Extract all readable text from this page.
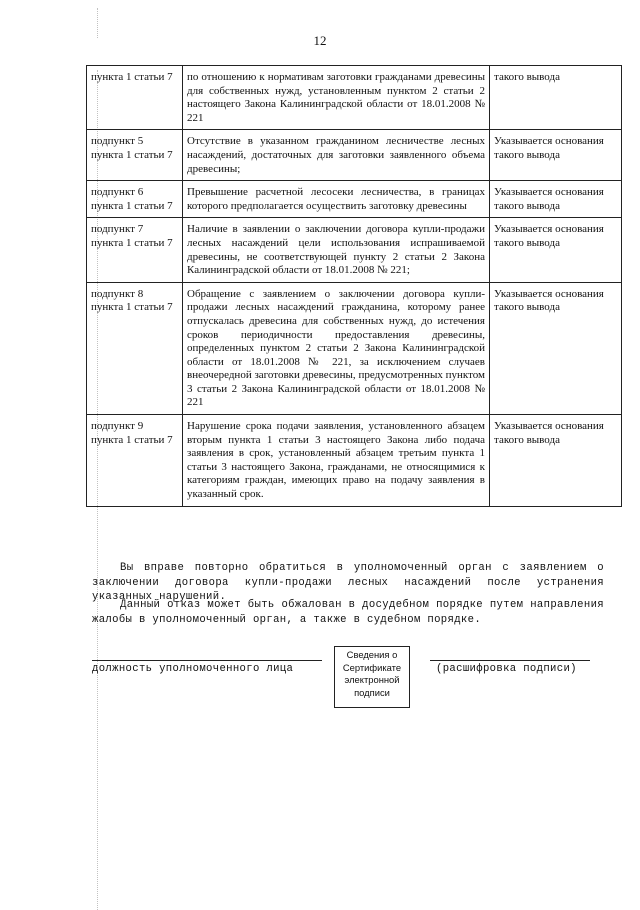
12
пункта 1 статьи 7	по отношению к нормативам заготовки гражданами древесины для собственных нужд, установленным пунктом 2 статьи 2 настоящего Закона Калининградской области от 18.01.2008 № 221	такого вывода
подпункт 5 пункта 1 статьи 7	Отсутствие в указанном гражданином лесничестве лесных насаждений, достаточных для заготовки заявленного объема древесины;	Указывается основания такого вывода
подпункт 6 пункта 1 статьи 7	Превышение расчетной лесосеки лесничества, в границах которого предполагается осуществить заготовку древесины	Указывается основания такого вывода
подпункт 7 пункта 1 статьи 7	Наличие в заявлении о заключении договора купли-продажи лесных насаждений цели использования испрашиваемой древесины, не соответствующей пункту 2 статьи 2 Закона Калининградской области от 18.01.2008 № 221;	Указывается основания такого вывода
подпункт 8 пункта 1 статьи 7	Обращение с заявлением о заключении договора купли-продажи лесных насаждений гражданина, которому ранее отпускалась древесина для собственных нужд, до истечения сроков периодичности предоставления древесины, определенных пунктом 2 статьи 2 Закона Калининградской области от 18.01.2008 № 221, за исключением случаев внеочередной заготовки древесины, предусмотренных пунктом 3 статьи 2 Закона Калининградской области от 18.01.2008 № 221	Указывается основания такого вывода
подпункт 9 пункта 1 статьи 7	Нарушение срока подачи заявления, установленного абзацем вторым пункта 1 статьи 3 настоящего Закона либо подача заявления в срок, установленный абзацем третьим пункта 1 статьи 3 настоящего Закона, гражданами, не относящимися к категориям граждан, имеющих право на подачу заявления в указанный срок.	Указывается основания такого вывода
Вы вправе повторно обратиться в уполномоченный орган с заявлением о заключении договора купли-продажи лесных насаждений после устранения указанных нарушений.
Данный отказ может быть обжалован в досудебном порядке путем направления жалобы в уполномоченный орган, а также в судебном порядке.
должность уполномоченного лица
Сведения о Сертификате электронной подписи
(расшифровка подписи)
